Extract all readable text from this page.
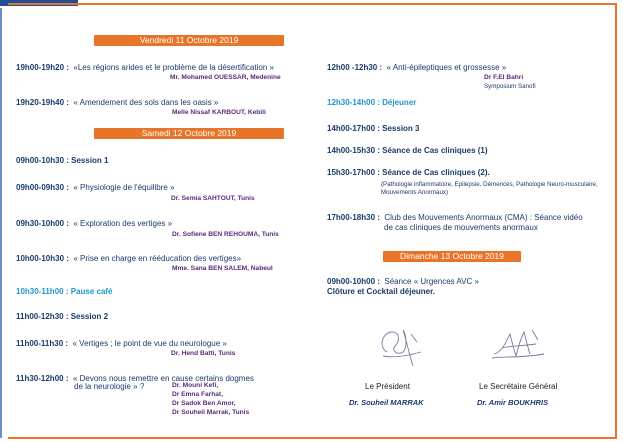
Vendredi 11 Octobre 2019
19h00-19h20 : «Les régions arides et le problème de la désertification »
Mr. Mohamed OUESSAR, Medenine
19h20-19h40 : « Amendement des sols dans les oasis »
Melle Nissaf KARBOUT, Kebili
Samedi 12 Octobre 2019
09h00-10h30 : Session 1
09h00-09h30 : « Physiologie de l'équilibre »
Dr. Semia SAHTOUT, Tunis
09h30-10h00 : « Exploration des vertiges »
Dr. Sofiene BEN REHOUMA, Tunis
10h00-10h30 : « Prise en charge en rééducation des vertiges»
Mme. Sana BEN SALEM, Nabeul
10h30-11h00 : Pause café
11h00-12h30 : Session 2
11h00-11h30 : « Vertiges ; le point de vue du neurologue »
Dr. Hend Batti, Tunis
11h30-12h00 : « Devons nous remettre en cause certains dogmes
de la neurologie » ?	Dr. Mouni Kefi,
Dr Emna Farhat,
Dr Sadok Ben Amor,
Dr Souheil Marrak, Tunis
12h00 -12h30 : « Anti-épileptiques et grossesse »
Dr F.El Bahri
Symposium Sanofi
12h30-14h00 : Déjeuner
14h00-17h00 : Session 3
14h00-15h30 : Séance de Cas cliniques (1)
15h30-17h00 : Séance de Cas cliniques (2).
(Pathologie inflammatoire, Epilepsie, Démences, Pathologie Neuro-musculaire, Mouvements Anormaux)
17h00-18h30 : Club des Mouvements Anormaux (CMA) : Séance vidéo
de cas cliniques de mouvements anormaux
Dimanche 13 Octobre 2019
09h00-10h00 : Séance « Urgences AVC »
Clôture et Cocktail déjeuner.
Le Président
Dr. Souheil MARRAK
Le Secrétaire Général
Dr. Amir BOUKHRIS
